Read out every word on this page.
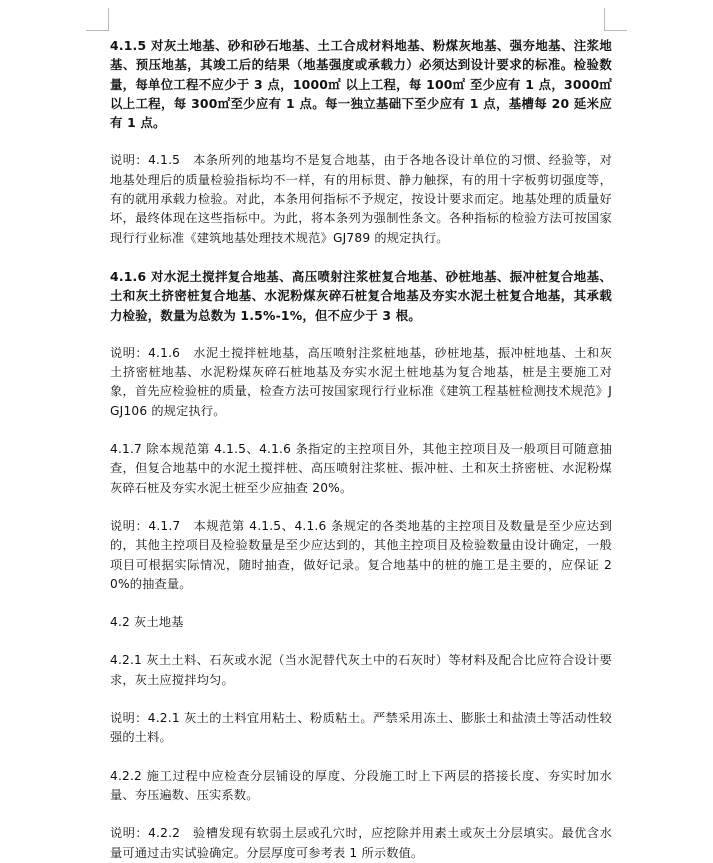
4.1.5 对灰土地基、砂和砂石地基、土工合成材料地基、粉煤灰地基、强夯地基、注浆地基、预压地基，其竣工后的结果（地基强度或承载力）必须达到设计要求的标准。检验数量，每单位工程不应少于 3 点，1000㎡ 以上工程，每 100㎡ 至少应有 1 点，3000㎡以上工程，每 300㎡至少应有 1 点。每一独立基础下至少应有 1 点，基槽每 20 延米应有 1 点。

说明：4.1.5　本条所列的地基均不是复合地基，由于各地各设计单位的习惯、经验等，对地基处理后的质量检验指标均不一样，有的用标贯、静力触探，有的用十字板剪切强度等，有的就用承载力检验。对此，本条用何指标不予规定，按设计要求而定。地基处理的质量好坏，最终体现在这些指标中。为此，将本条列为强制性条文。各种指标的检验方法可按国家现行行业标准《建筑地基处理技术规范》GJ789 的规定执行。

4.1.6 对水泥土搅拌复合地基、高压喷射注浆桩复合地基、砂桩地基、振冲桩复合地基、土和灰土挤密桩复合地基、水泥粉煤灰碎石桩复合地基及夯实水泥土桩复合地基，其承载力检验，数量为总数为 1.5%-1%，但不应少于 3 根。

说明：4.1.6　水泥土搅拌桩地基，高压喷射注浆桩地基，砂桩地基，振冲桩地基、土和灰土挤密桩地基、水泥粉煤灰碎石桩地基及夯实水泥土桩地基为复合地基，桩是主要施工对象，首先应检验桩的质量，检查方法可按国家现行行业标准《建筑工程基桩检测技术规范》JGJ106 的规定执行。

4.1.7 除本规范第 4.1.5、4.1.6 条指定的主控项目外，其他主控项目及一般项目可随意抽查，但复合地基中的水泥土搅拌桩、高压喷射注浆桩、振冲桩、土和灰土挤密桩、水泥粉煤灰碎石桩及夯实水泥土桩至少应抽查 20%。

说明：4.1.7　本规范第 4.1.5、4.1.6 条规定的各类地基的主控项目及数量是至少应达到的，其他主控项目及检验数量是至少应达到的，其他主控项目及检验数量由设计确定，一般项目可根据实际情况，随时抽查，做好记录。复合地基中的桩的施工是主要的，应保证 20%的抽查量。

4.2 灰土地基

4.2.1 灰土土料、石灰或水泥（当水泥替代灰土中的石灰时）等材料及配合比应符合设计要求，灰土应搅拌均匀。

说明：4.2.1 灰土的土料宜用粘土、粉质粘土。严禁采用冻土、膨胀土和盐渍土等活动性较强的土料。

4.2.2 施工过程中应检查分层铺设的厚度、分段施工时上下两层的搭接长度、夯实时加水量、夯压遍数、压实系数。

说明：4.2.2　验槽发现有软弱土层或孔穴时，应挖除并用素土或灰土分层填实。最优含水量可通过击实试验确定。分层厚度可参考表 1 所示数值。
